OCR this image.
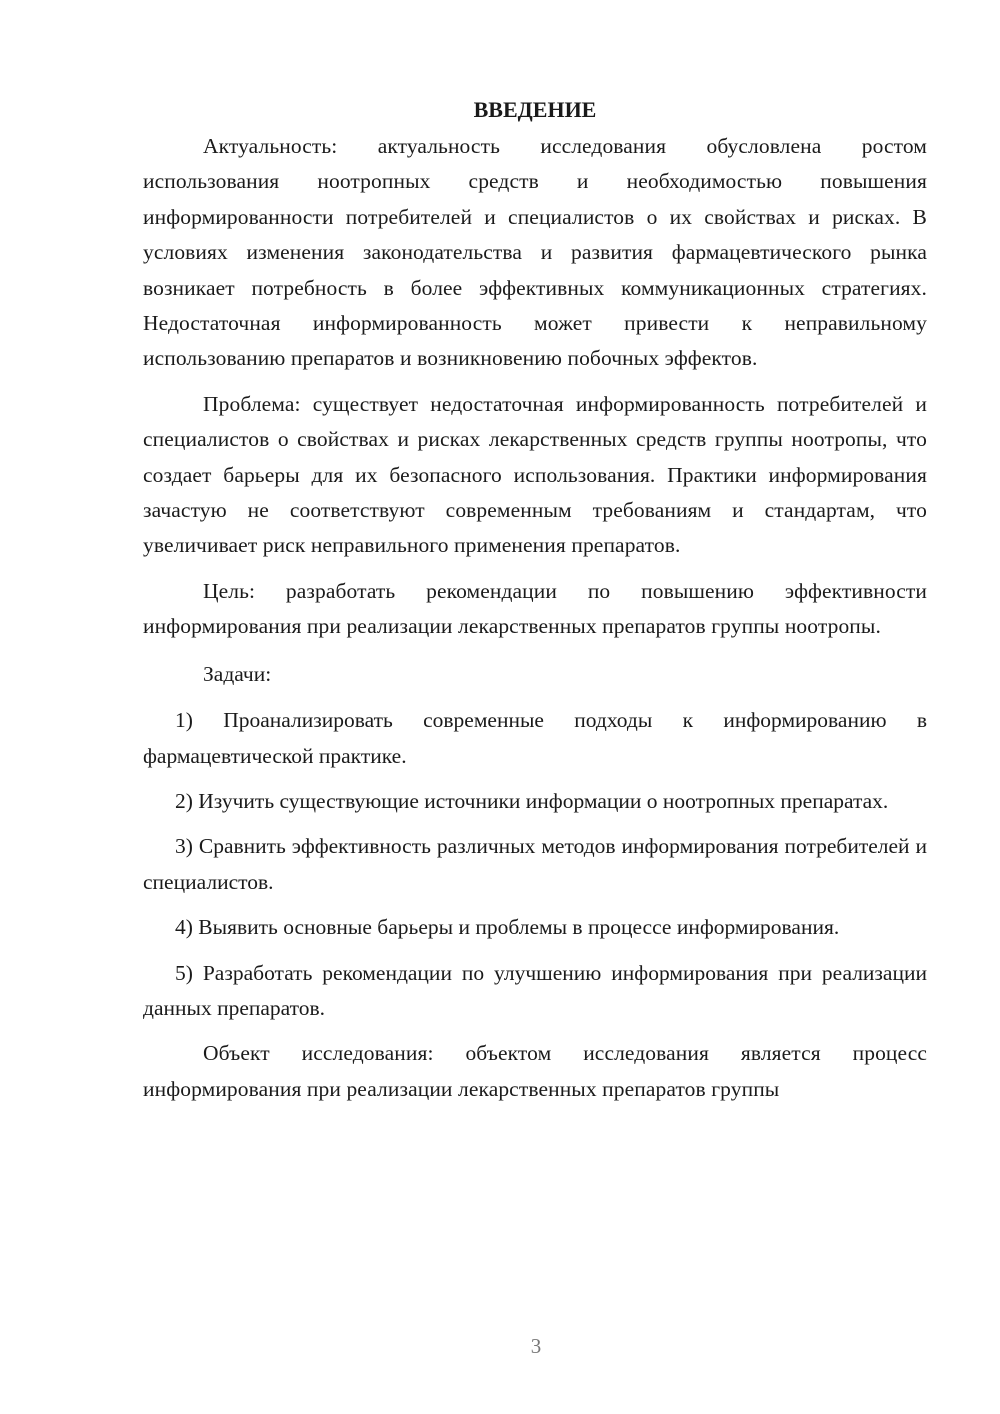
ВВЕДЕНИЕ

Актуальность: актуальность исследования обусловлена ростом использования ноотропных средств и необходимостью повышения информированности потребителей и специалистов о их свойствах и рисках. В условиях изменения законодательства и развития фармацевтического рынка возникает потребность в более эффективных коммуникационных стратегиях. Недостаточная информированность может привести к неправильному использованию препаратов и возникновению побочных эффектов.

Проблема: существует недостаточная информированность потребителей и специалистов о свойствах и рисках лекарственных средств группы ноотропы, что создает барьеры для их безопасного использования. Практики информирования зачастую не соответствуют современным требованиям и стандартам, что увеличивает риск неправильного применения препаратов.

Цель: разработать рекомендации по повышению эффективности информирования при реализации лекарственных препаратов группы ноотропы.

Задачи:

1) Проанализировать современные подходы к информированию в фармацевтической практике.

2) Изучить существующие источники информации о ноотропных препаратах.

3) Сравнить эффективность различных методов информирования потребителей и специалистов.

4) Выявить основные барьеры и проблемы в процессе информирования.

5) Разработать рекомендации по улучшению информирования при реализации данных препаратов.

Объект исследования: объектом исследования является процесс информирования при реализации лекарственных препаратов группы

3
